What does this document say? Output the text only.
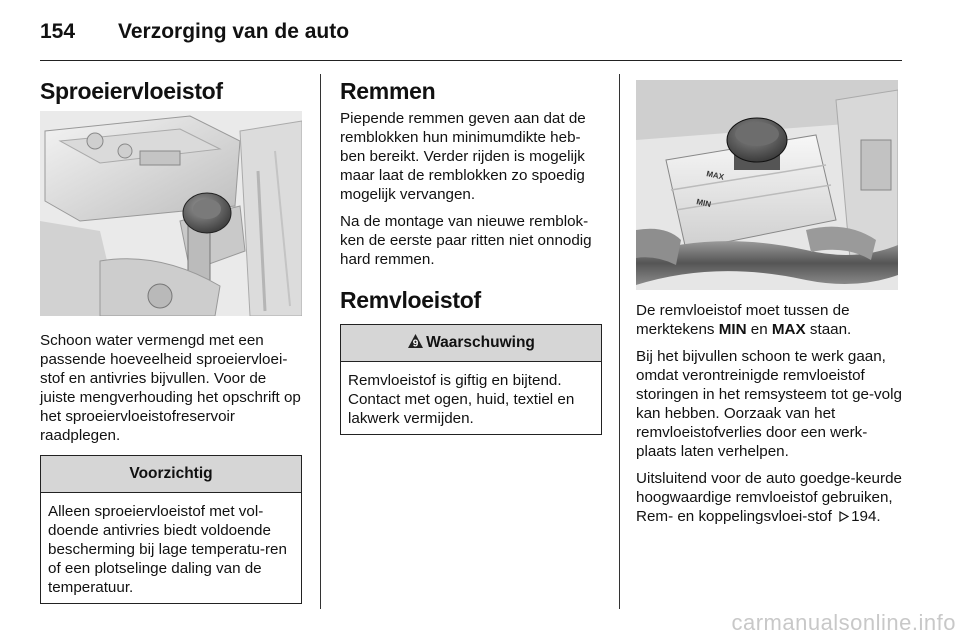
154 Verzorging van de auto
Sproeiervloeistof

Schoon water vermengd met een passende hoeveelheid sproeiervloei-stof en antivries bijvullen. Voor de juiste mengverhouding het opschrift op het sproeiervloeistofreservoir raadplegen.

Voorzichtig
Alleen sproeiervloeistof met vol-doende antivries biedt voldoende bescherming bij lage temperatu-ren of een plotselinge daling van de temperatuur.
Remmen

Piepende remmen geven aan dat de remblokken hun minimumdikte heb-ben bereikt. Verder rijden is mogelijk maar laat de remblokken zo spoedig mogelijk vervangen.

Na de montage van nieuwe remblok-ken de eerste paar ritten niet onnodig hard remmen.

Remvloeistof
9 Waarschuwing
Remvloeistof is giftig en bijtend. Contact met ogen, huid, textiel en lakwerk vermijden.
MAX
MIN

De remvloeistof moet tussen de merktekens MIN en MAX staan.

Bij het bijvullen schoon te werk gaan, omdat verontreinigde remvloeistof storingen in het remsysteem tot ge-volg kan hebben. Oorzaak van het remvloeistofverlies door een werk-plaats laten verhelpen.

Uitsluitend voor de auto goedge-keurde hoogwaardige remvloeistof gebruiken, Rem- en koppelingsvloei-stof 194.

carmanualsonline.info
